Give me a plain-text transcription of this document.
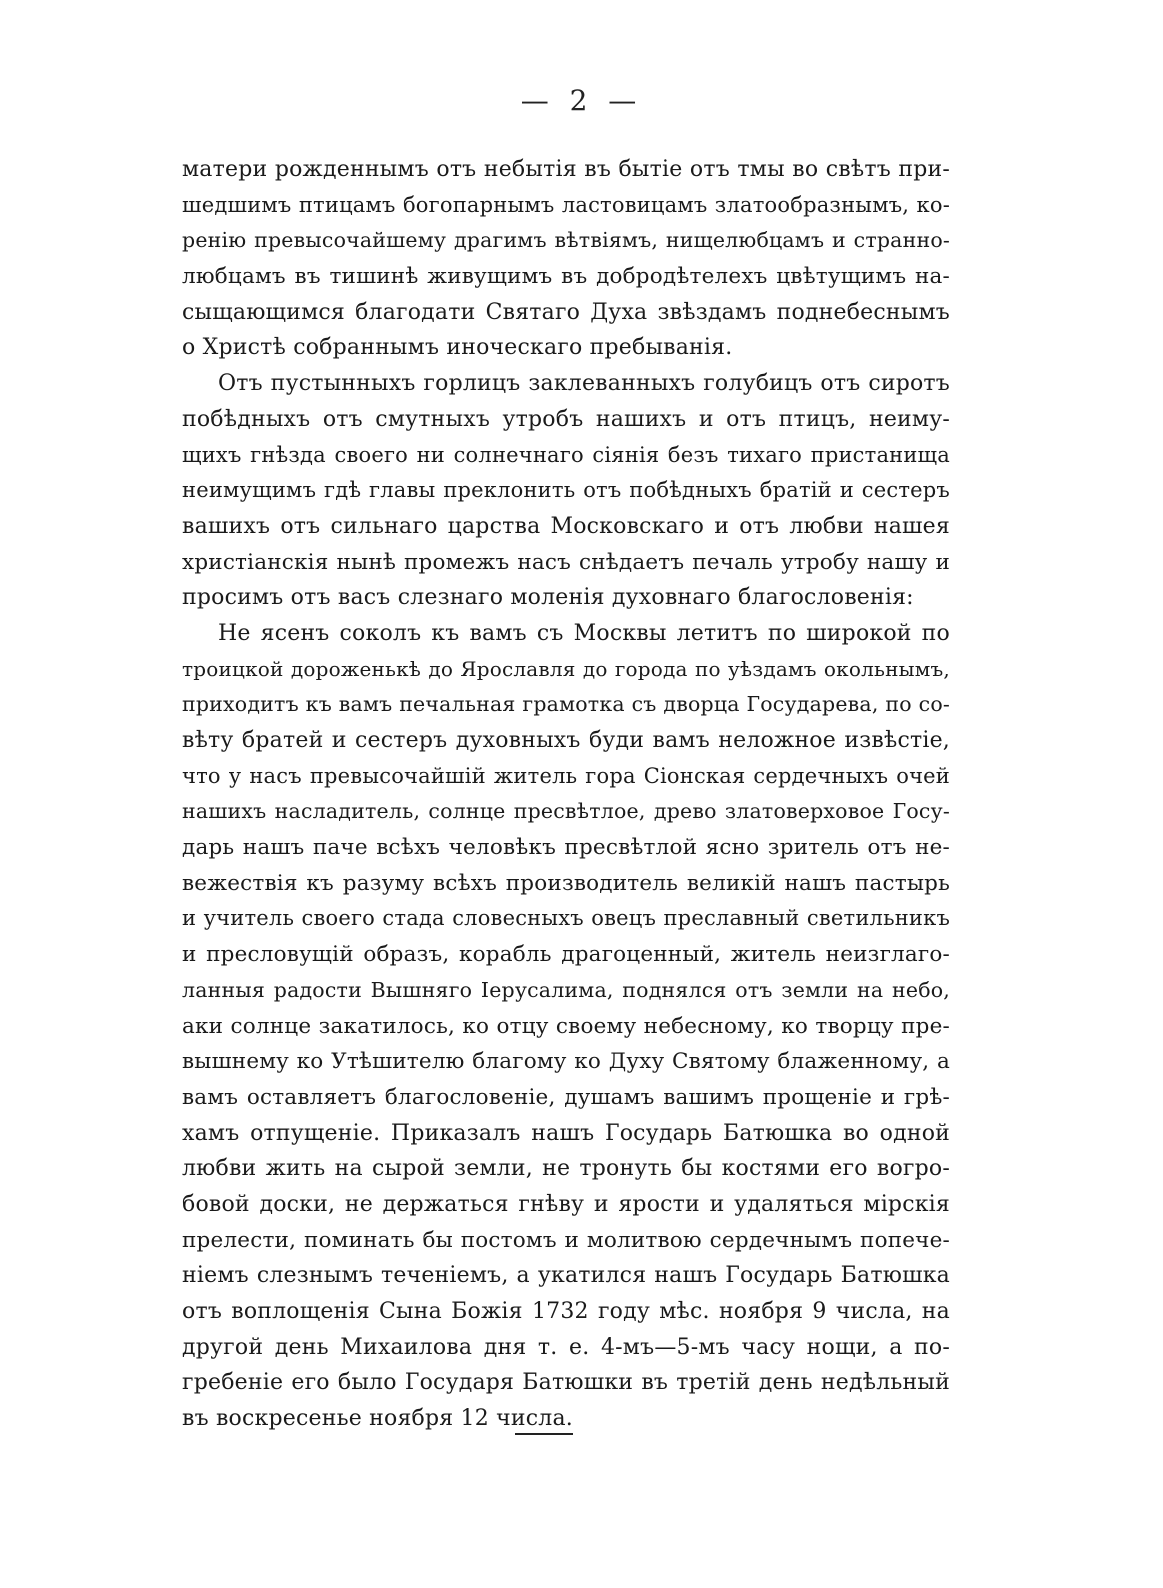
— 2 —
матери рожденнымъ отъ небытія въ бытіе отъ тмы во свѣтъ при-
шедшимъ птицамъ богопарнымъ ластовицамъ златообразнымъ, ко-
ренію превысочайшему драгимъ вѣтвіямъ, нищелюбцамъ и странно-
любцамъ въ тишинѣ живущимъ въ добродѣтелехъ цвѣтущимъ на-
сыщающимся благодати Святаго Духа звѣздамъ поднебеснымъ
о Христѣ собраннымъ иноческаго пребыванія.
Отъ пустынныхъ горлицъ заклеванныхъ голубицъ отъ сиротъ
побѣдныхъ отъ смутныхъ утробъ нашихъ и отъ птицъ, неиму-
щихъ гнѣзда своего ни солнечнаго сіянія безъ тихаго пристанища
неимущимъ гдѣ главы преклонить отъ побѣдныхъ братій и сестеръ
вашихъ отъ сильнаго царства Московскаго и отъ любви нашея
христіанскія нынѣ промежъ насъ снѣдаетъ печаль утробу нашу и
просимъ отъ васъ слезнаго моленія духовнаго благословенія:
Не ясенъ соколъ къ вамъ съ Москвы летитъ по широкой по
троицкой дороженькѣ до Ярославля до города по уѣздамъ окольнымъ,
приходитъ къ вамъ печальная грамотка съ дворца Государева, по со-
вѣту братей и сестеръ духовныхъ буди вамъ неложное извѣстіе,
что у насъ превысочайшій житель гора Сіонская сердечныхъ очей
нашихъ насладитель, солнце пресвѣтлое, древо златоверховое Госу-
дарь нашъ паче всѣхъ человѣкъ пресвѣтлой ясно зритель отъ не-
вежествія къ разуму всѣхъ производитель великій нашъ пастырь
и учитель своего стада словесныхъ овецъ преславный светильникъ
и пресловущій образъ, корабль драгоценный, житель неизглаго-
ланныя радости Вышняго Іерусалима, поднялся отъ земли на небо,
аки солнце закатилось, ко отцу своему небесному, ко творцу пре-
вышнему ко Утѣшителю благому ко Духу Святому блаженному, а
вамъ оставляетъ благословеніе, душамъ вашимъ прощеніе и грѣ-
хамъ отпущеніе. Приказалъ нашъ Государь Батюшка во одной
любви жить на сырой земли, не тронуть бы костями его вогро-
бовой доски, не держаться гнѣву и ярости и удаляться мірскія
прелести, поминать бы постомъ и молитвою сердечнымъ попече-
ніемъ слезнымъ теченіемъ, а укатился нашъ Государь Батюшка
отъ воплощенія Сына Божія 1732 году мѣс. ноября 9 числа, на
другой день Михаилова дня т. е. 4-мъ—5-мъ часу нощи, а по-
гребеніе его было Государя Батюшки въ третій день недѣльный
въ воскресенье ноября 12 числа.
